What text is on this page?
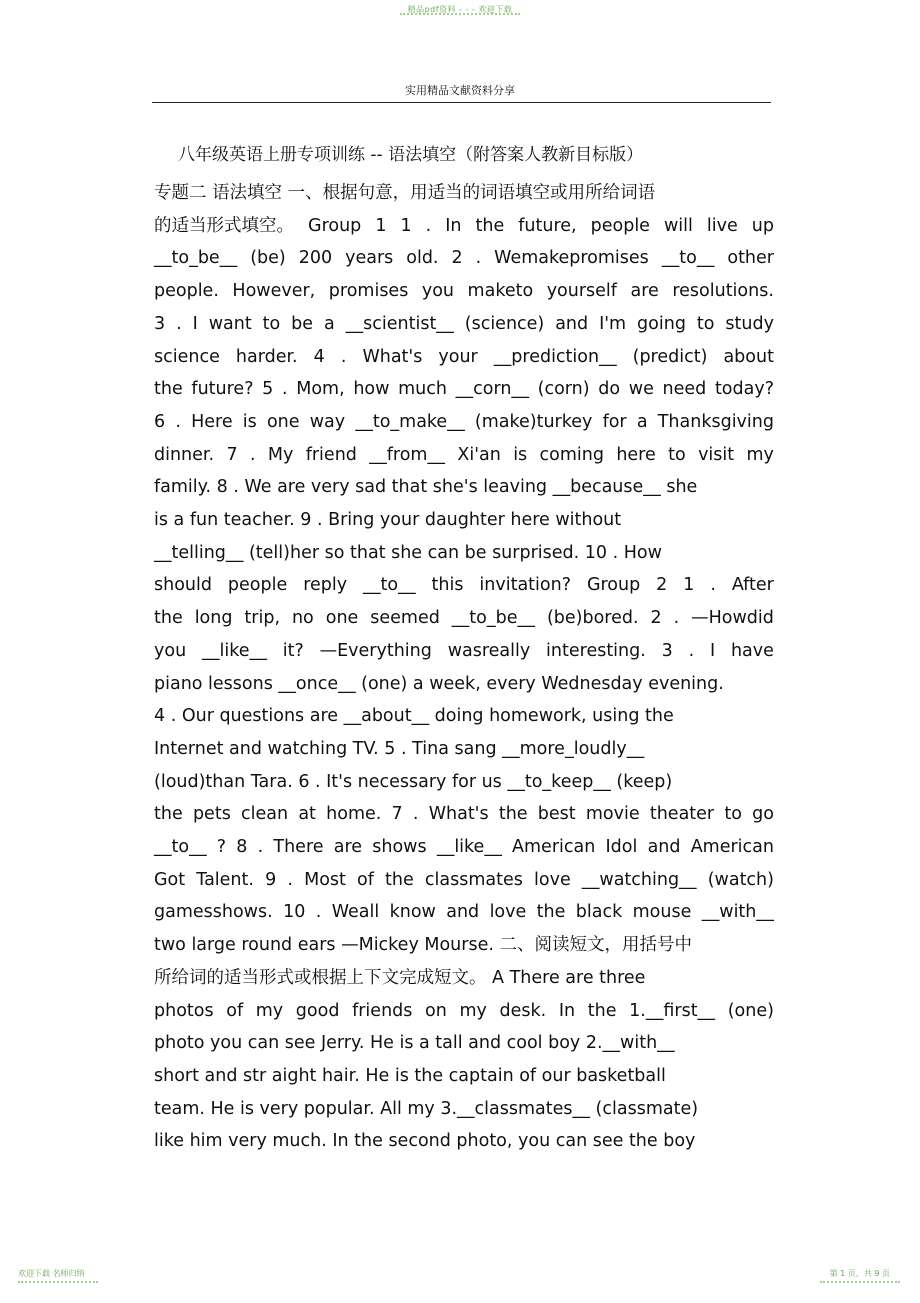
精品pdf资料 - - - 欢迎下载
实用精品文献资料分享
八年级英语上册专项训练 -- 语法填空（附答案人教新目标版）
专题二 语法填空 一、根据句意，用适当的词语填空或用所给词语
的适当形式填空。 Group 1 1 . In the future, people will live up
__to_be__ (be) 200 years old. 2 . Wemakepromises __to__ other
people. However, promises you maketo yourself are resolutions.
3 . I want to be a __scientist__ (science) and I'm going to study
science harder. 4 . What's your __prediction__ (predict) about
the future? 5 . Mom, how much __corn__ (corn) do we need today?
6 . Here is one way __to_make__ (make)turkey for a Thanksgiving
dinner. 7 . My friend __from__ Xi'an is coming here to visit my
family. 8 . We are very sad that she's leaving __because__ she
is a fun teacher. 9 . Bring your daughter here without
__telling__ (tell)her so that she can be surprised. 10 . How
should people reply __to__ this invitation? Group 2 1 . After
the long trip, no one seemed __to_be__ (be)bored. 2 . —Howdid
you __like__ it? —Everything wasreally interesting. 3 . I have
piano lessons __once__ (one) a week, every Wednesday evening.
4 . Our questions are __about__ doing homework, using the
Internet and watching TV. 5 . Tina sang __more_loudly__
(loud)than Tara. 6 . It's necessary for us __to_keep__ (keep)
the pets clean at home. 7 . What's the best movie theater to go
__to__ ? 8 . There are shows __like__ American Idol and American
Got Talent. 9 . Most of the classmates love __watching__ (watch)
gamesshows. 10 . Weall know and love the black mouse __with__
two large round ears —Mickey Mourse. 二、阅读短文，用括号中
所给词的适当形式或根据上下文完成短文。 A There are three
photos of my good friends on my desk. In the 1.__first__ (one)
photo you can see Jerry. He is a tall and cool boy 2.__with__
short and str aight hair. He is the captain of our basketball
team. He is very popular. All my 3.__classmates__ (classmate)
like him very much. In the second photo, you can see the boy
欢迎下载 名师归纳	第 1 页，共 9 页
